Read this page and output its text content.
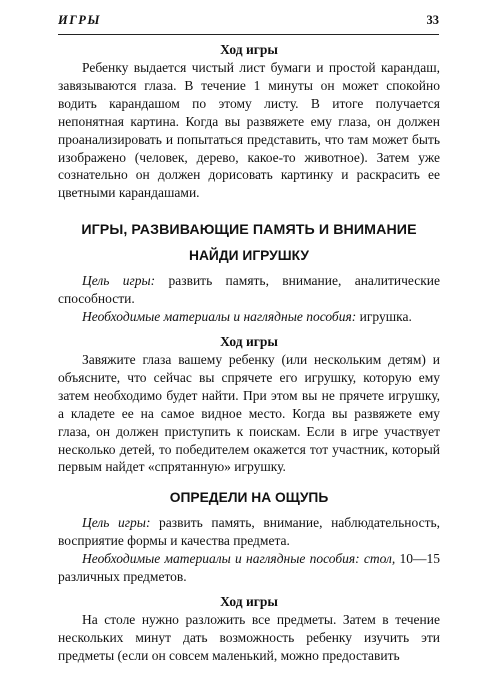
ИГРЫ	33

Ход игры

Ребенку выдается чистый лист бумаги и простой карандаш, завязываются глаза. В течение 1 минуты он может спокойно водить карандашом по этому листу. В итоге получается непонятная картина. Когда вы развяжете ему глаза, он должен проанализировать и попытаться представить, что там может быть изображено (человек, дерево, какое-то животное). Затем уже сознательно он должен дорисовать картинку и раскрасить ее цветными карандашами.

ИГРЫ, РАЗВИВАЮЩИЕ ПАМЯТЬ И ВНИМАНИЕ

НАЙДИ ИГРУШКУ

Цель игры: развить память, внимание, аналитические способности.

Необходимые материалы и наглядные пособия: игрушка.

Ход игры

Завяжите глаза вашему ребенку (или нескольким детям) и объясните, что сейчас вы спрячете его игрушку, которую ему затем необходимо будет найти. При этом вы не прячете игрушку, а кладете ее на самое видное место. Когда вы развяжете ему глаза, он должен приступить к поискам. Если в игре участвует несколько детей, то победителем окажется тот участник, который первым найдет «спрятанную» игрушку.

ОПРЕДЕЛИ НА ОЩУПЬ

Цель игры: развить память, внимание, наблюдательность, восприятие формы и качества предмета.

Необходимые материалы и наглядные пособия: стол, 10—15 различных предметов.

Ход игры

На столе нужно разложить все предметы. Затем в течение нескольких минут дать возможность ребенку изучить эти предметы (если он совсем маленький, можно предоставить
